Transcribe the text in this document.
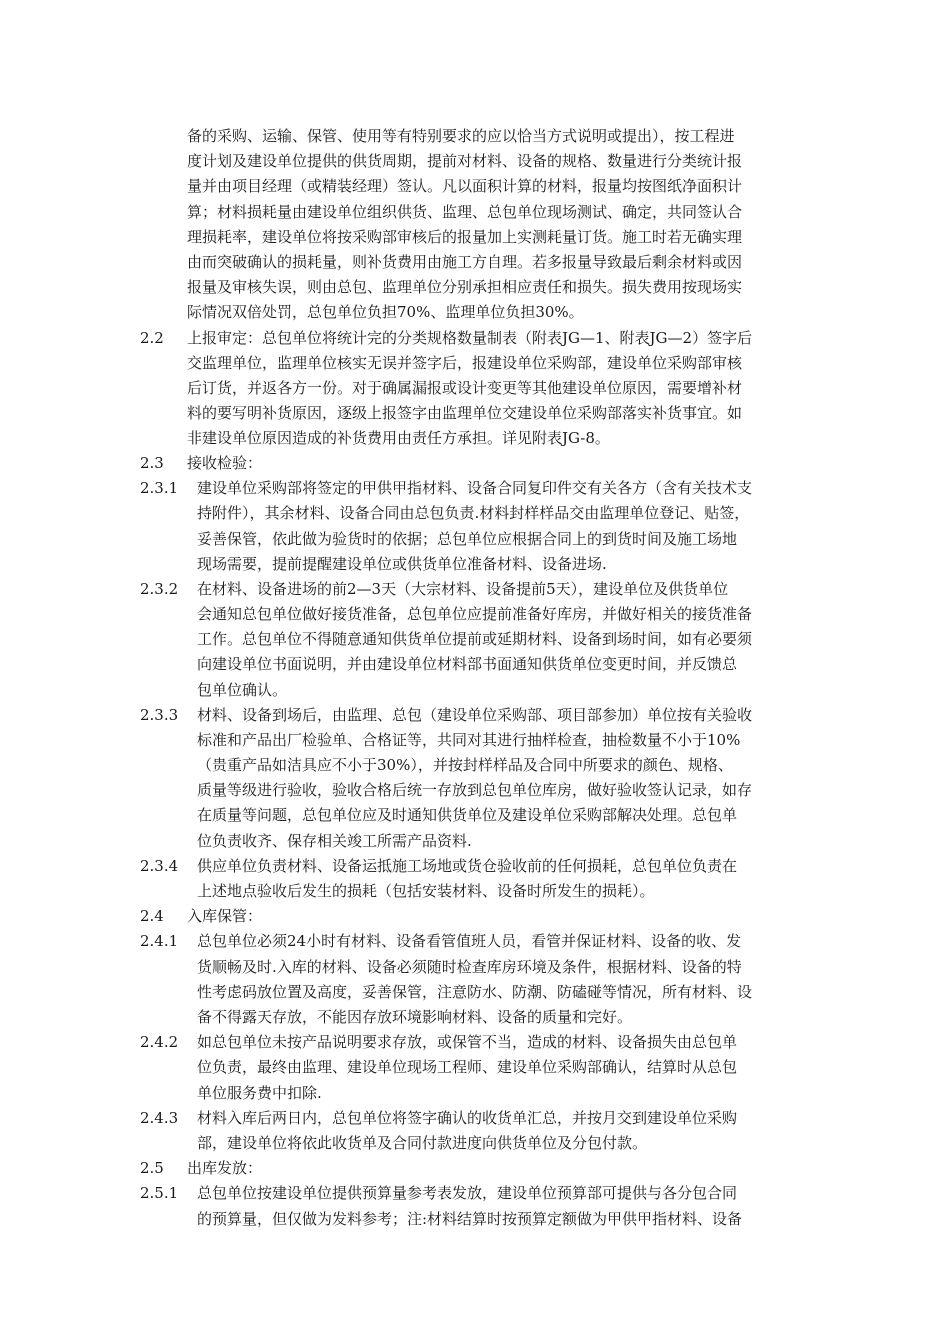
备的采购、运输、保管、使用等有特别要求的应以恰当方式说明或提出），按工程进
度计划及建设单位提供的供货周期，提前对材料、设备的规格、数量进行分类统计报
量并由项目经理（或精装经理）签认。凡以面积计算的材料，报量均按图纸净面积计
算；材料损耗量由建设单位组织供货、监理、总包单位现场测试、确定，共同签认合
理损耗率，建设单位将按采购部审核后的报量加上实测耗量订货。施工时若无确实理
由而突破确认的损耗量，则补货费用由施工方自理。若多报量导致最后剩余材料或因
报量及审核失误，则由总包、监理单位分别承担相应责任和损失。损失费用按现场实
际情况双倍处罚，总包单位负担70%、监理单位负担30%。
2.2 上报审定：总包单位将统计完的分类规格数量制表（附表JG—1、附表JG—2）签字后
交监理单位，监理单位核实无误并签字后，报建设单位采购部，建设单位采购部审核
后订货，并返各方一份。对于确属漏报或设计变更等其他建设单位原因，需要增补材
料的要写明补货原因，逐级上报签字由监理单位交建设单位采购部落实补货事宜。如
非建设单位原因造成的补货费用由责任方承担。详见附表JG-8。
2.3 接收检验：
2.3.1 建设单位采购部将签定的甲供甲指材料、设备合同复印件交有关各方（含有关技术支
持附件），其余材料、设备合同由总包负责.材料封样样品交由监理单位登记、贴签，
妥善保管，依此做为验货时的依据；总包单位应根据合同上的到货时间及施工场地
现场需要，提前提醒建设单位或供货单位准备材料、设备进场.
2.3.2 在材料、设备进场的前2—3天（大宗材料、设备提前5天），建设单位及供货单位
会通知总包单位做好接货准备，总包单位应提前准备好库房，并做好相关的接货准备
工作。总包单位不得随意通知供货单位提前或延期材料、设备到场时间，如有必要须
向建设单位书面说明，并由建设单位材料部书面通知供货单位变更时间，并反馈总
包单位确认。
2.3.3 材料、设备到场后，由监理、总包（建设单位采购部、项目部参加）单位按有关验收
标准和产品出厂检验单、合格证等，共同对其进行抽样检查，抽检数量不小于10%
（贵重产品如洁具应不小于30%），并按封样样品及合同中所要求的颜色、规格、
质量等级进行验收，验收合格后统一存放到总包单位库房，做好验收签认记录，如存
在质量等问题，总包单位应及时通知供货单位及建设单位采购部解决处理。总包单
位负责收齐、保存相关竣工所需产品资料.
2.3.4 供应单位负责材料、设备运抵施工场地或货仓验收前的任何损耗，总包单位负责在
上述地点验收后发生的损耗（包括安装材料、设备时所发生的损耗）。
2.4 入库保管：
2.4.1 总包单位必须24小时有材料、设备看管值班人员，看管并保证材料、设备的收、发
货顺畅及时.入库的材料、设备必须随时检查库房环境及条件，根据材料、设备的特
性考虑码放位置及高度，妥善保管，注意防水、防潮、防磕碰等情况，所有材料、设
备不得露天存放，不能因存放环境影响材料、设备的质量和完好。
2.4.2 如总包单位未按产品说明要求存放，或保管不当，造成的材料、设备损失由总包单
位负责，最终由监理、建设单位现场工程师、建设单位采购部确认，结算时从总包
单位服务费中扣除.
2.4.3 材料入库后两日内，总包单位将签字确认的收货单汇总，并按月交到建设单位采购
部，建设单位将依此收货单及合同付款进度向供货单位及分包付款。
2.5 出库发放：
2.5.1 总包单位按建设单位提供预算量参考表发放，建设单位预算部可提供与各分包合同
的预算量，但仅做为发料参考；注:材料结算时按预算定额做为甲供甲指材料、设备
